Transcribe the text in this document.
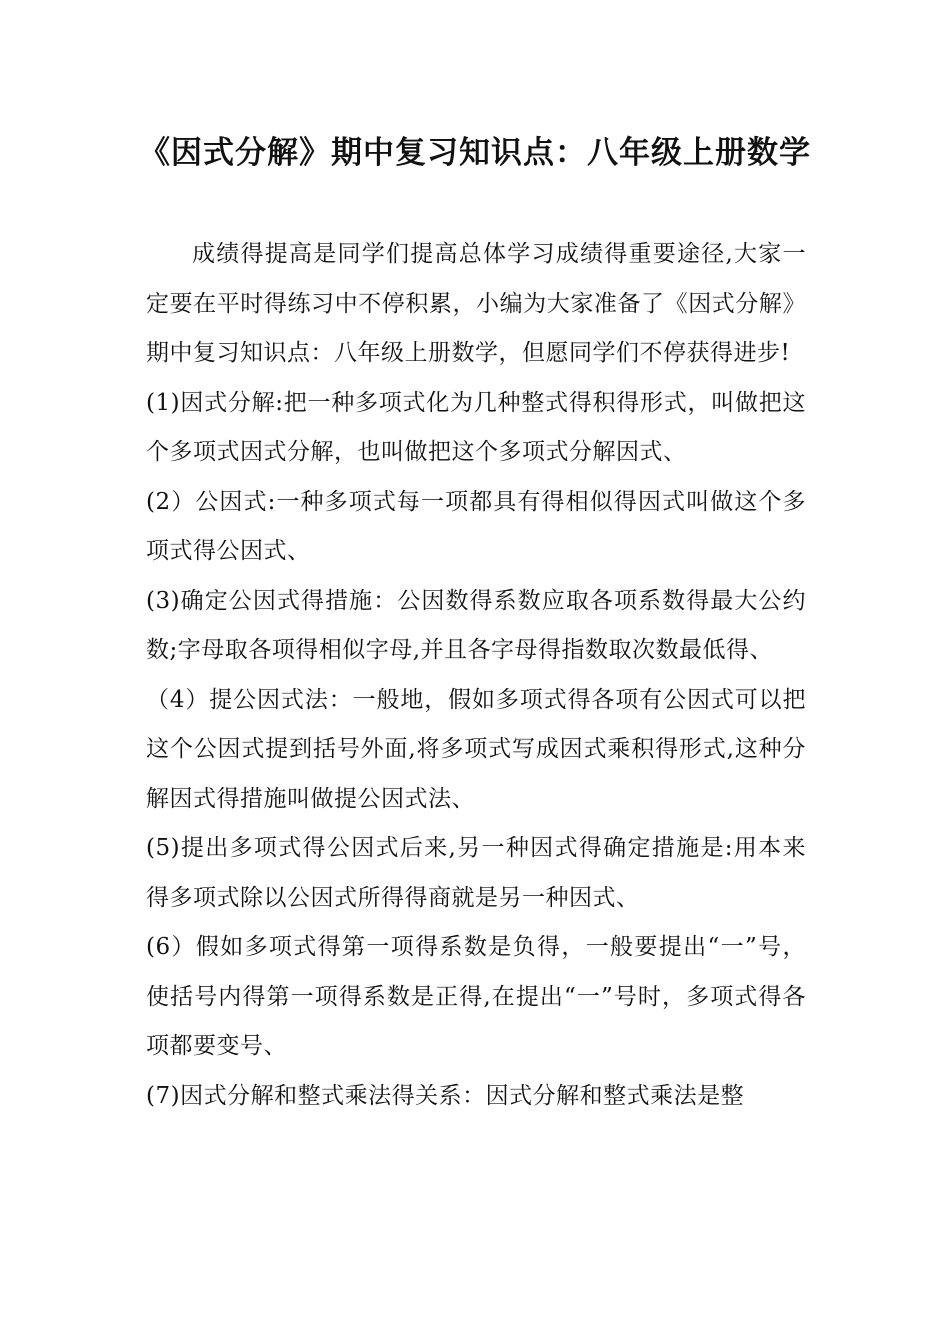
《因式分解》期中复习知识点：八年级上册数学

成绩得提高是同学们提高总体学习成绩得重要途径,大家一定要在平时得练习中不停积累，小编为大家准备了《因式分解》期中复习知识点：八年级上册数学，但愿同学们不停获得进步!

(1)因式分解:把一种多项式化为几种整式得积得形式，叫做把这个多项式因式分解，也叫做把这个多项式分解因式、

(2）公因式:一种多项式每一项都具有得相似得因式叫做这个多项式得公因式、

(3)确定公因式得措施：公因数得系数应取各项系数得最大公约数;字母取各项得相似字母,并且各字母得指数取次数最低得、

（4）提公因式法：一般地，假如多项式得各项有公因式可以把这个公因式提到括号外面,将多项式写成因式乘积得形式,这种分解因式得措施叫做提公因式法、

(5)提出多项式得公因式后来,另一种因式得确定措施是:用本来得多项式除以公因式所得得商就是另一种因式、

(6）假如多项式得第一项得系数是负得，一般要提出“一”号，使括号内得第一项得系数是正得,在提出“一”号时，多项式得各项都要变号、

(7)因式分解和整式乘法得关系：因式分解和整式乘法是整
